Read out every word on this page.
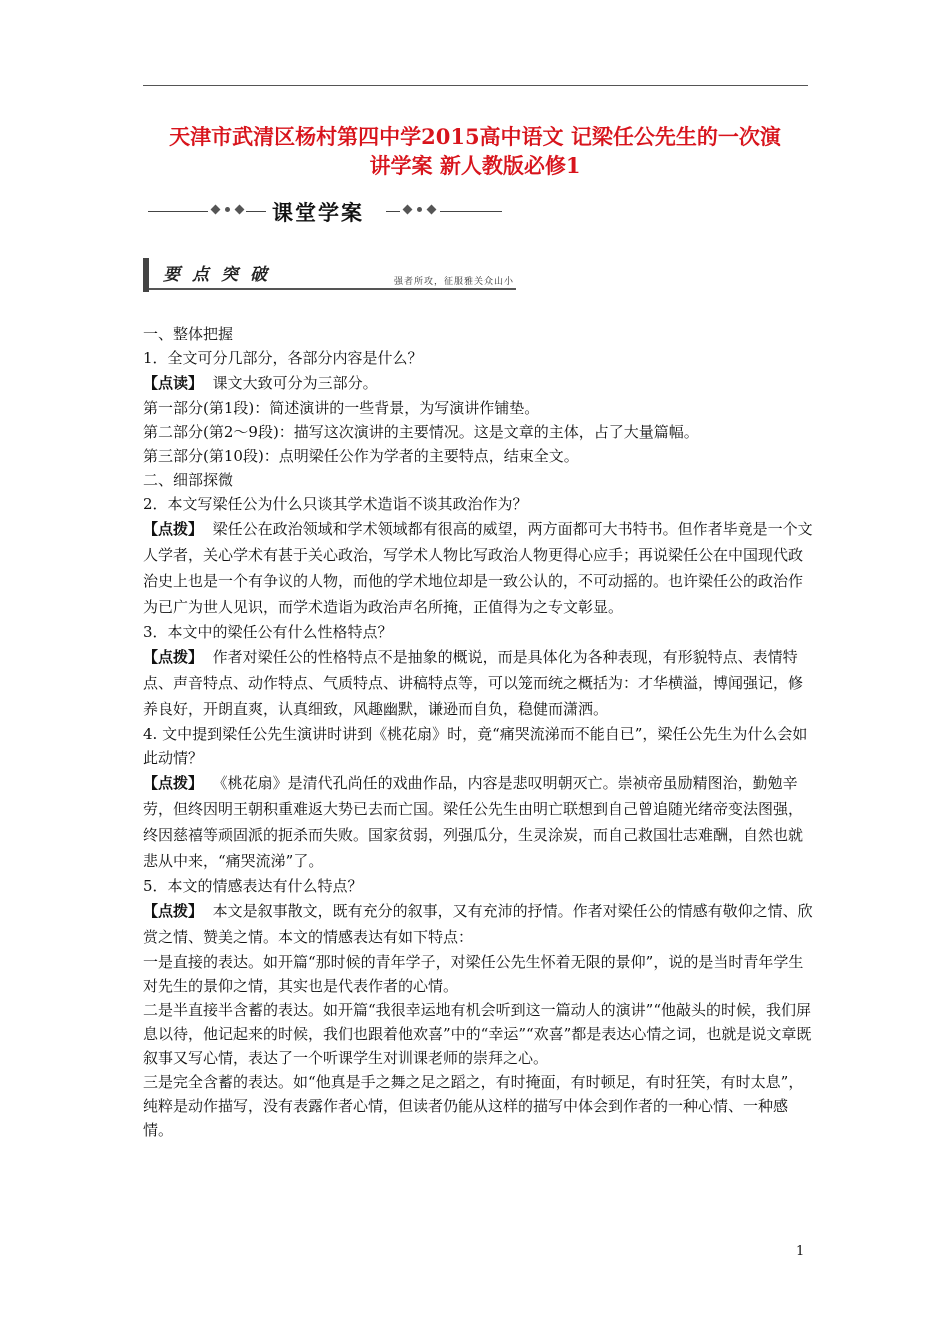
天津市武清区杨村第四中学2015高中语文 记梁任公先生的一次演
讲学案 新人教版必修1
课堂学案
要点突破	强者所攻，征服雅关众山小

一、整体把握

1．全文可分几部分，各部分内容是什么？

【点读】 课文大致可分为三部分。

第一部分(第1段)：简述演讲的一些背景，为写演讲作铺垫。

第二部分(第2～9段)：描写这次演讲的主要情况。这是文章的主体，占了大量篇幅。

第三部分(第10段)：点明梁任公作为学者的主要特点，结束全文。

二、细部探微

2．本文写梁任公为什么只谈其学术造诣不谈其政治作为？

【点拨】 梁任公在政治领域和学术领域都有很高的威望，两方面都可大书特书。但作者毕竟是一个文人学者，关心学术有甚于关心政治，写学术人物比写政治人物更得心应手；再说梁任公在中国现代政治史上也是一个有争议的人物，而他的学术地位却是一致公认的，不可动摇的。也许梁任公的政治作为已广为世人见识，而学术造诣为政治声名所掩，正值得为之专文彰显。

3．本文中的梁任公有什么性格特点？

【点拨】 作者对梁任公的性格特点不是抽象的概说，而是具体化为各种表现，有形貌特点、表情特点、声音特点、动作特点、气质特点、讲稿特点等，可以笼而统之概括为：才华横溢，博闻强记，修养良好，开朗直爽，认真细致，风趣幽默，谦逊而自负，稳健而潇洒。

4. 文中提到梁任公先生演讲时讲到《桃花扇》时，竟“痛哭流涕而不能自已”，梁任公先生为什么会如此动情？

【点拨】 《桃花扇》是清代孔尚任的戏曲作品，内容是悲叹明朝灭亡。崇祯帝虽励精图治，勤勉辛劳，但终因明王朝积重难返大势已去而亡国。梁任公先生由明亡联想到自己曾追随光绪帝变法图强，终因慈禧等顽固派的扼杀而失败。国家贫弱，列强瓜分，生灵涂炭，而自己救国壮志难酬，自然也就悲从中来，“痛哭流涕”了。

5．本文的情感表达有什么特点？

【点拨】 本文是叙事散文，既有充分的叙事，又有充沛的抒情。作者对梁任公的情感有敬仰之情、欣赏之情、赞美之情。本文的情感表达有如下特点：

一是直接的表达。如开篇“那时候的青年学子，对梁任公先生怀着无限的景仰”，说的是当时青年学生对先生的景仰之情，其实也是代表作者的心情。

二是半直接半含蓄的表达。如开篇“我很幸运地有机会听到这一篇动人的演讲”“他敲头的时候，我们屏息以待，他记起来的时候，我们也跟着他欢喜”中的“幸运”“欢喜”都是表达心情之词，也就是说文章既叙事又写心情，表达了一个听课学生对训课老师的崇拜之心。

三是完全含蓄的表达。如“他真是手之舞之足之蹈之，有时掩面，有时顿足，有时狂笑，有时太息”，纯粹是动作描写，没有表露作者心情，但读者仍能从这样的描写中体会到作者的一种心情、一种感情。

1
